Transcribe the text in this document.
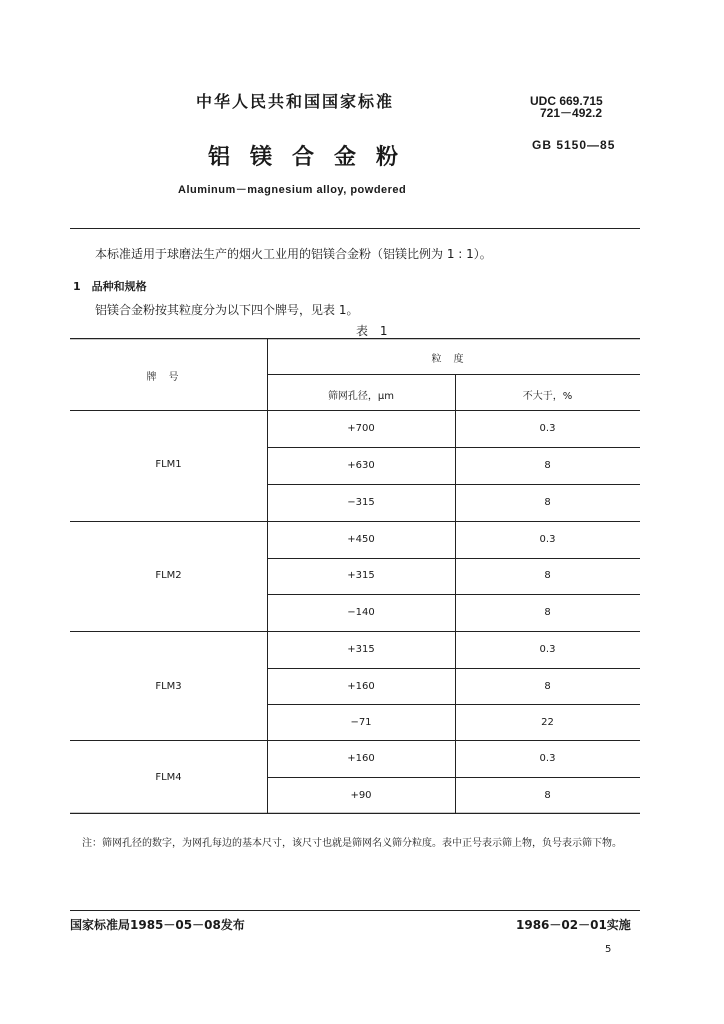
中华人民共和国国家标准	UDC 669.715
721－492.2
铝镁合金粉	GB 5150—85
Aluminum－magnesium alloy, powdered
本标准适用于球磨法生产的烟火工业用的铝镁合金粉（铝镁比例为 1 : 1）。
1　品种和规格
铝镁合金粉按其粒度分为以下四个牌号，见表 1。
表 1
牌号
粒度
筛网孔径，μm	不大于，%
FLM1
+700	0.3
+630	8
−315	8
FLM2
+450	0.3
+315	8
−140	8
FLM3
+315	0.3
+160	8
−71	22
FLM4
+160	0.3
+90	8
注：筛网孔径的数字，为网孔每边的基本尺寸，该尺寸也就是筛网名义筛分粒度。表中正号表示筛上物，负号表示筛下物。
国家标准局1985－05－08发布	1986－02－01实施
5
